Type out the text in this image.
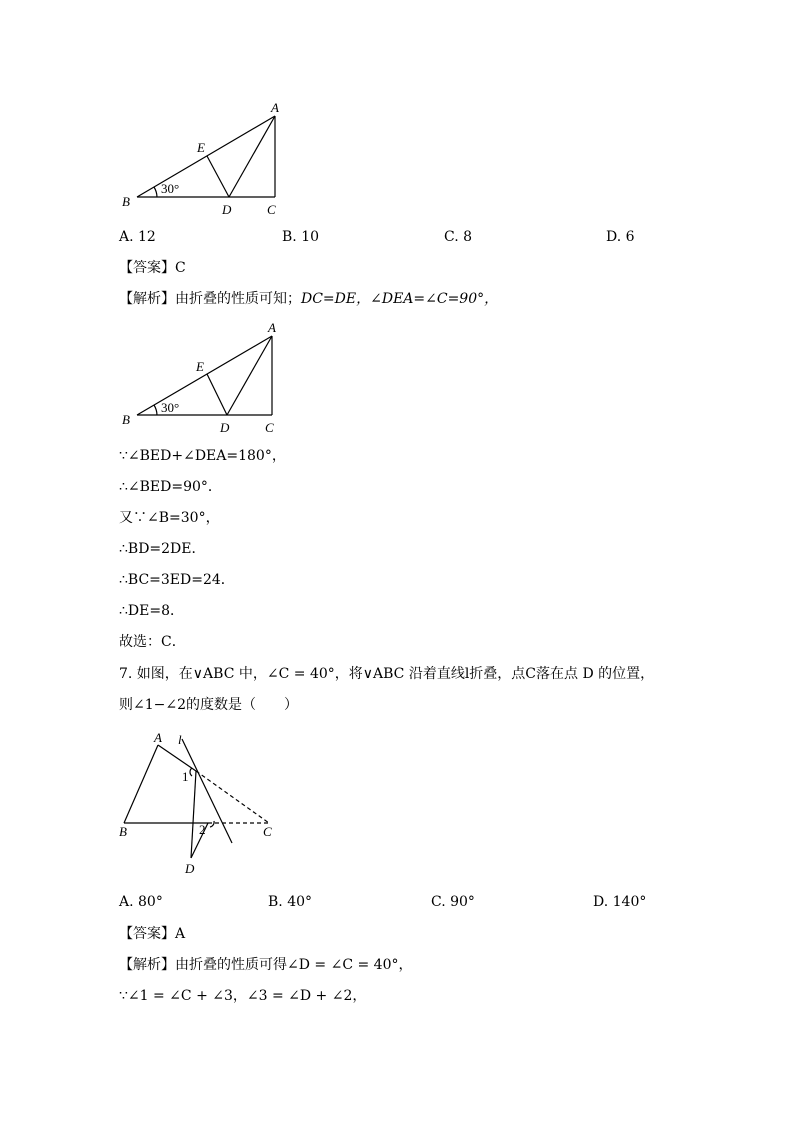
A
E
B
D	C
30°
A. 12	B. 10	C. 8	D. 6
【答案】C
【解析】由折叠的性质可知；DC=DE，∠DEA=∠C=90°，
A
E
B
D	C
30°
∵∠BED+∠DEA=180°，
∴∠BED=90°．
又∵∠B=30°，
∴BD=2DE．
∴BC=3ED=24．
∴DE=8．
故选：C．
7. 如图，在∨ABC 中，∠C = 40°，将∨ABC 沿着直线l折叠，点C落在点 D 的位置，
则∠1−∠2的度数是（　　）
A l
1
B	2	C
D
A. 80°	B. 40°	C. 90°	D. 140°
【答案】A
【解析】由折叠的性质可得∠D = ∠C = 40°，
∵∠1 = ∠C + ∠3，∠3 = ∠D + ∠2，
